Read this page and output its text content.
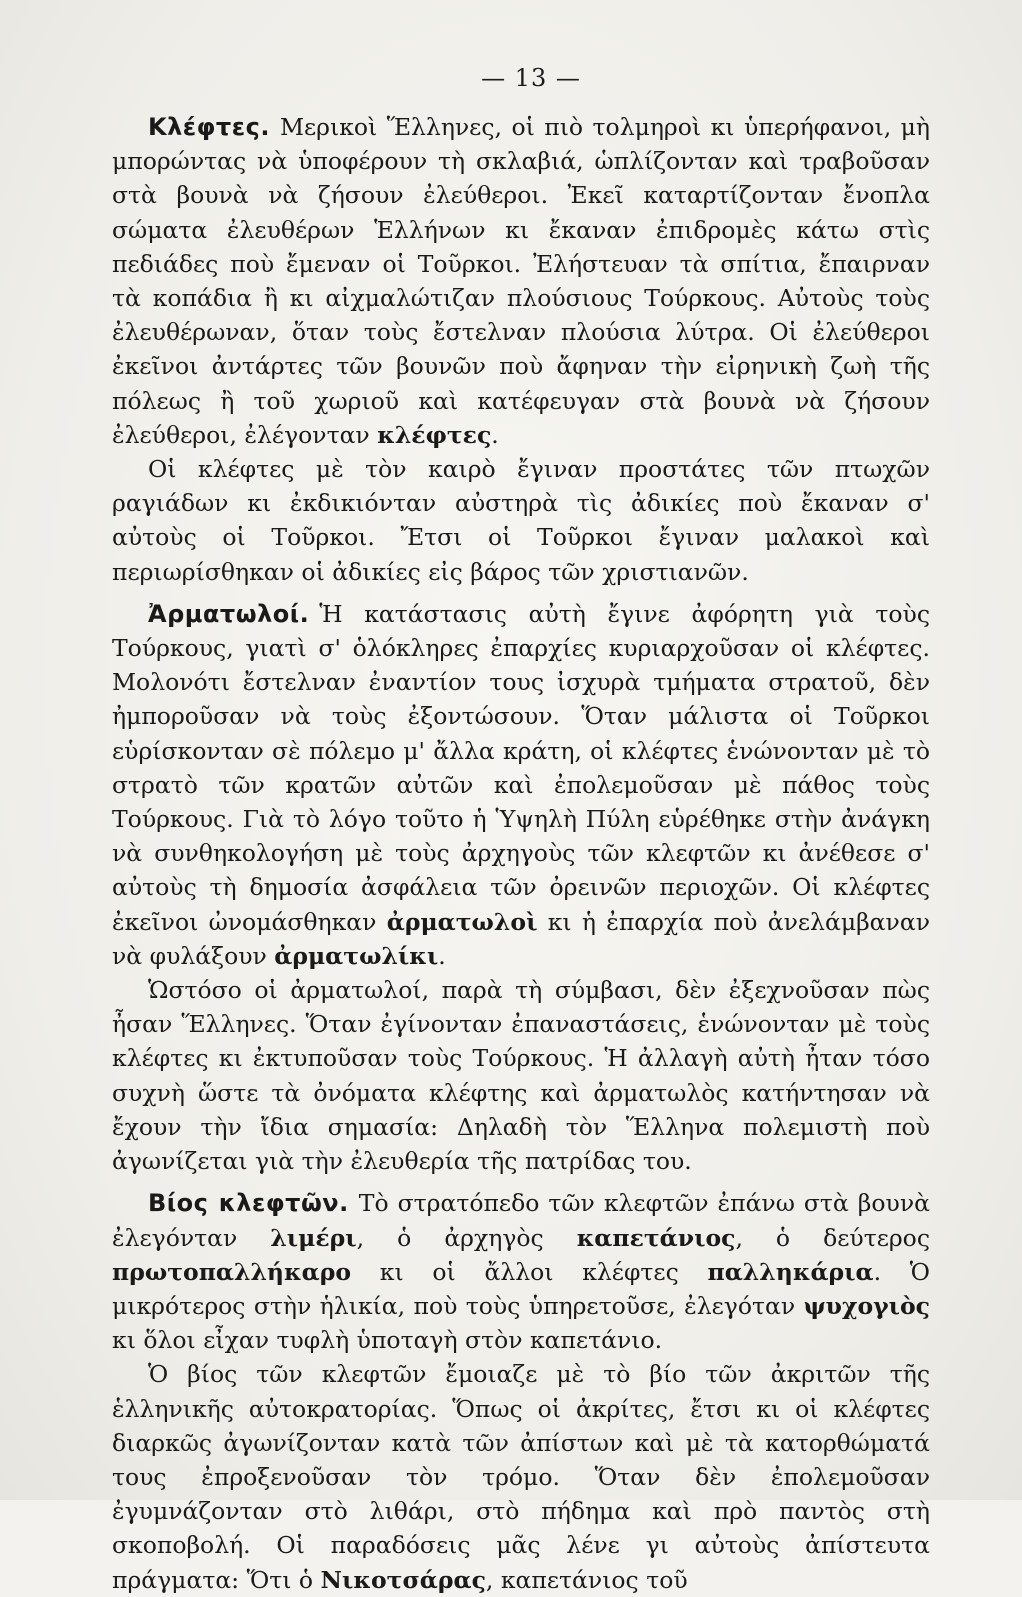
— 13 —

Κλέφτες. Μερικοὶ Ἕλληνες, οἱ πιὸ τολμηροὶ κι ὑπερήφανοι, μὴ μπορώντας νὰ ὑποφέρουν τὴ σκλαβιά, ὡπλίζονταν καὶ τραβοῦσαν στὰ βουνὰ νὰ ζήσουν ἐλεύθεροι. Ἐκεῖ καταρτίζονταν ἔνοπλα σώματα ἐλευθέρων Ἑλλήνων κι ἔκαναν ἐπιδρομὲς κάτω στὶς πεδιάδες ποὺ ἔμεναν οἱ Τοῦρκοι. Ἐλήστευαν τὰ σπίτια, ἔπαιρναν τὰ κοπάδια ἢ κι αἰχμαλώτιζαν πλούσιους Τούρκους. Αὐτοὺς τοὺς ἐλευθέρωναν, ὅταν τοὺς ἔστελναν πλούσια λύτρα. Οἱ ἐλεύθεροι ἐκεῖνοι ἀντάρτες τῶν βουνῶν ποὺ ἄφηναν τὴν εἰρηνικὴ ζωὴ τῆς πόλεως ἢ τοῦ χωριοῦ καὶ κατέφευγαν στὰ βουνὰ νὰ ζήσουν ἐλεύθεροι, ἐλέγονταν κλέφτες.

Οἱ κλέφτες μὲ τὸν καιρὸ ἔγιναν προστάτες τῶν πτωχῶν ραγιάδων κι ἐκδικιόνταν αὐστηρὰ τὶς ἀδικίες ποὺ ἔκαναν σ' αὐτοὺς οἱ Τοῦρκοι. Ἔτσι οἱ Τοῦρκοι ἔγιναν μαλακοὶ καὶ περιωρίσθηκαν οἱ ἀδικίες εἰς βάρος τῶν χριστιανῶν.

Ἀρματωλοί. Ἡ κατάστασις αὐτὴ ἔγινε ἀφόρητη γιὰ τοὺς Τούρκους, γιατὶ σ' ὁλόκληρες ἐπαρχίες κυριαρχοῦσαν οἱ κλέφτες. Μολονότι ἔστελναν ἐναντίον τους ἰσχυρὰ τμήματα στρατοῦ, δὲν ἠμποροῦσαν νὰ τοὺς ἐξοντώσουν. Ὅταν μάλιστα οἱ Τοῦρκοι εὑρίσκονταν σὲ πόλεμο μ' ἄλλα κράτη, οἱ κλέφτες ἑνώνονταν μὲ τὸ στρατὸ τῶν κρατῶν αὐτῶν καὶ ἐπολεμοῦσαν μὲ πάθος τοὺς Τούρκους. Γιὰ τὸ λόγο τοῦτο ἡ Ὑψηλὴ Πύλη εὑρέθηκε στὴν ἀνάγκη νὰ συνθηκολογήση μὲ τοὺς ἀρχηγοὺς τῶν κλεφτῶν κι ἀνέθεσε σ' αὐτοὺς τὴ δημοσία ἀσφάλεια τῶν ὀρεινῶν περιοχῶν. Οἱ κλέφτες ἐκεῖνοι ὠνομάσθηκαν ἀρματωλοὶ κι ἡ ἐπαρχία ποὺ ἀνελάμβαναν νὰ φυλάξουν ἀρματωλίκι.

Ὡστόσο οἱ ἀρματωλοί, παρὰ τὴ σύμβασι, δὲν ἐξεχνοῦσαν πὼς ἦσαν Ἕλληνες. Ὅταν ἐγίνονταν ἐπαναστάσεις, ἑνώνονταν μὲ τοὺς κλέφτες κι ἐκτυποῦσαν τοὺς Τούρκους. Ἡ ἀλλαγὴ αὐτὴ ἦταν τόσο συχνὴ ὥστε τὰ ὀνόματα κλέφτης καὶ ἀρματωλὸς κατήντησαν νὰ ἔχουν τὴν ἴδια σημασία: Δηλαδὴ τὸν Ἕλληνα πολεμιστὴ ποὺ ἀγωνίζεται γιὰ τὴν ἐλευθερία τῆς πατρίδας του.

Βίος κλεφτῶν. Τὸ στρατόπεδο τῶν κλεφτῶν ἐπάνω στὰ βουνὰ ἐλεγόνταν λιμέρι, ὁ ἀρχηγὸς καπετάνιος, ὁ δεύτερος πρωτοπαλλήκαρο κι οἱ ἄλλοι κλέφτες παλληκάρια. Ὁ μικρότερος στὴν ἡλικία, ποὺ τοὺς ὑπηρετοῦσε, ἐλεγόταν ψυχογιὸς κι ὅλοι εἶχαν τυφλὴ ὑποταγὴ στὸν καπετάνιο.

Ὁ βίος τῶν κλεφτῶν ἔμοιαζε μὲ τὸ βίο τῶν ἀκριτῶν τῆς ἑλληνικῆς αὐτοκρατορίας. Ὅπως οἱ ἀκρίτες, ἔτσι κι οἱ κλέφτες διαρκῶς ἀγωνίζονταν κατὰ τῶν ἀπίστων καὶ μὲ τὰ κατορθώματά τους ἐπροξενοῦσαν τὸν τρόμο. Ὅταν δὲν ἐπολεμοῦσαν ἐγυμνάζονταν στὸ λιθάρι, στὸ πήδημα καὶ πρὸ παντὸς στὴ σκοποβολή. Οἱ παραδόσεις μᾶς λένε γι αὐτοὺς ἀπίστευτα πράγματα: Ὅτι ὁ Νικοτσάρας, καπετάνιος τοῦ
